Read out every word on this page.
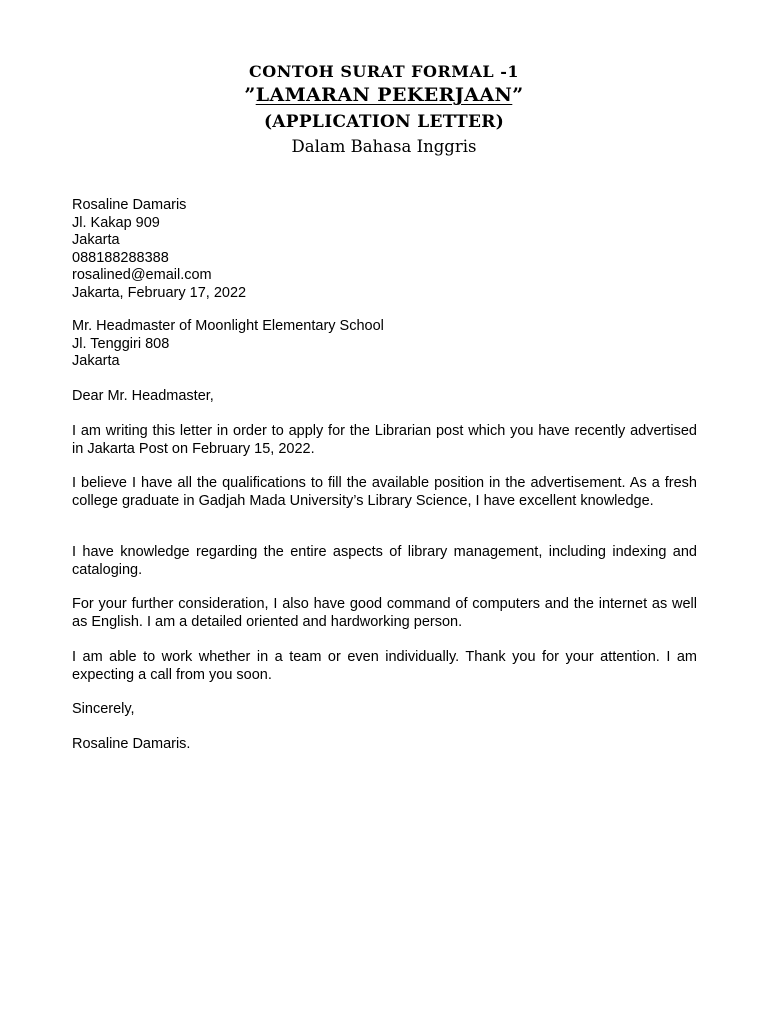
CONTOH SURAT FORMAL -1
”LAMARAN PEKERJAAN”
(APPLICATION LETTER)
Dalam Bahasa Inggris
Rosaline Damaris
Jl. Kakap 909
Jakarta
088188288388
rosalined@email.com
Jakarta, February 17, 2022
Mr. Headmaster of Moonlight Elementary School
Jl. Tenggiri 808
Jakarta
Dear Mr. Headmaster,
I am writing this letter in order to apply for the Librarian post which you have recently advertised in Jakarta Post on February 15, 2022.
I believe I have all the qualifications to fill the available position in the advertisement. As a fresh college graduate in Gadjah Mada University’s Library Science, I have excellent knowledge.
I have knowledge regarding the entire aspects of library management, including indexing and cataloging.
For your further consideration, I also have good command of computers and the internet as well as English. I am a detailed oriented and hardworking person.
I am able to work whether in a team or even individually. Thank you for your attention. I am expecting a call from you soon.
Sincerely,
Rosaline Damaris.
